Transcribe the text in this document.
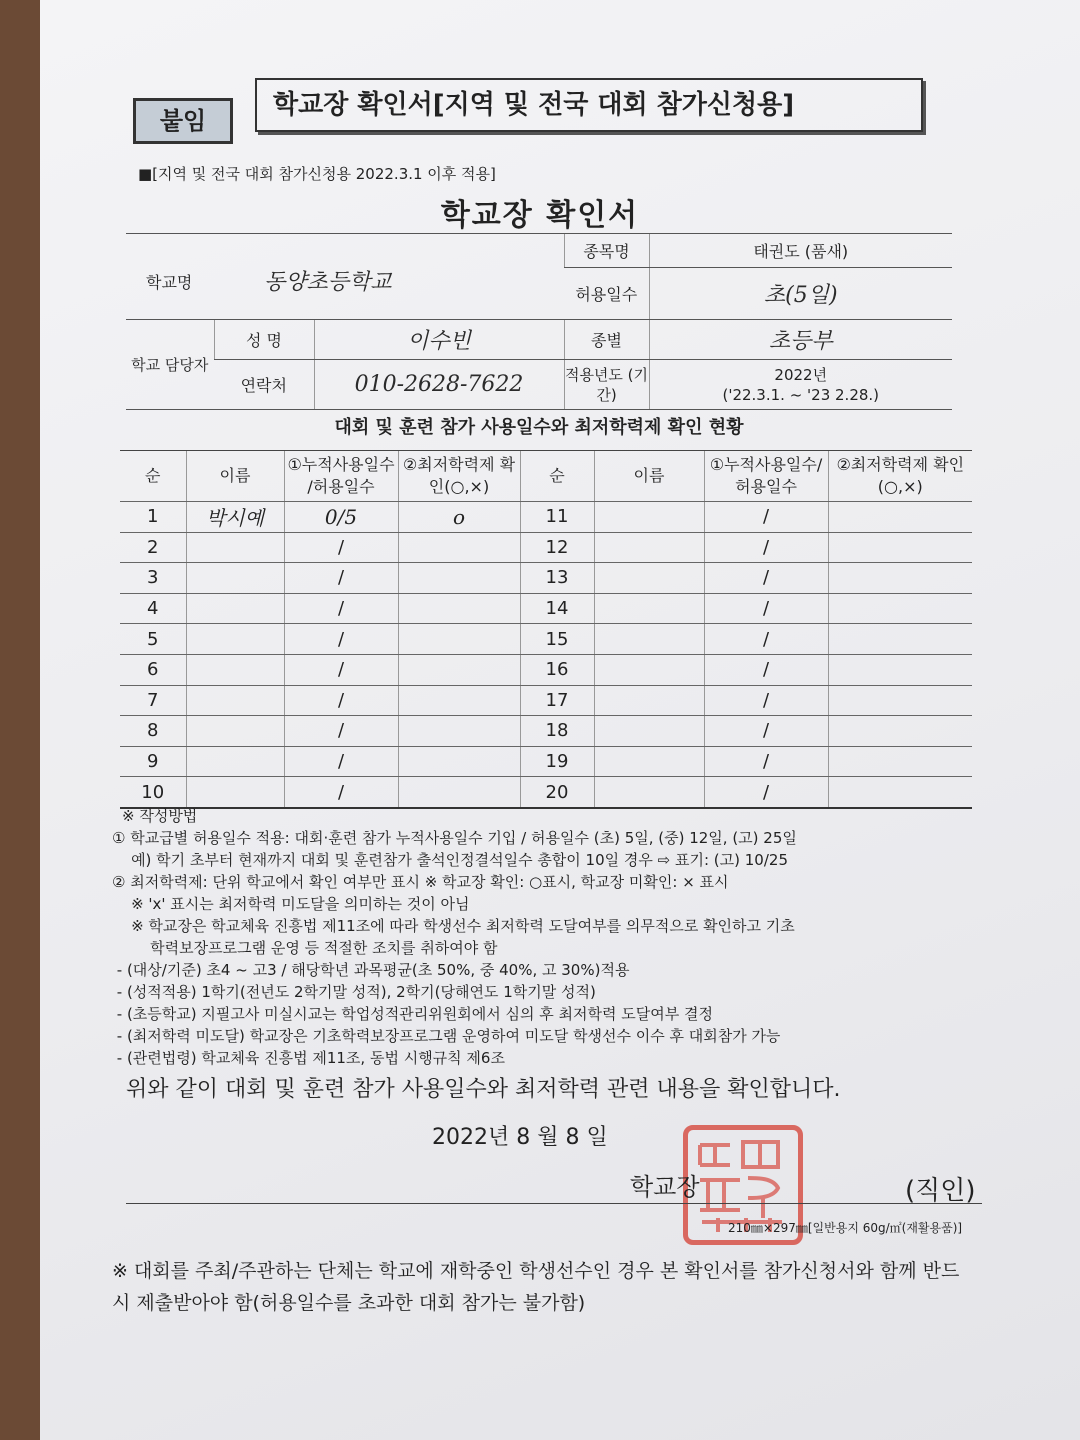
붙임
학교장 확인서[지역 및 전국 대회 참가신청용]
■[지역 및 전국 대회 참가신청용 2022.3.1 이후 적용]
학교장 확인서
학교명 동양초등학교			종목명	태권도 (품새)
			허용일수	초(5일)
학교 담당자	성 명	이수빈	종별	초등부
	연락처	010-2628-7622	적용년도 (기간)	2022년
('22.3.1. ~ '23 2.28.)
대회 및 훈련 참가 사용일수와 최저학력제 확인 현황
순	이름	①누적사용일수 /허용일수	②최저학력제 확인(○,×)	순	이름	①누적사용일수/ 허용일수	②최저학력제 확인(○,×)
1	박시예	0/5	o	11		/	
2		/		12		/	
3		/		13		/	
4		/		14		/	
5		/		15		/	
6		/		16		/	
7		/		17		/	
8		/		18		/	
9		/		19		/	
10		/		20		/	
※ 작성방법
① 학교급별 허용일수 적용: 대회·훈련 참가 누적사용일수 기입 / 허용일수 (초) 5일, (중) 12일, (고) 25일
예) 학기 초부터 현재까지 대회 및 훈련참가 출석인정결석일수 총합이 10일 경우 ⇨ 표기: (고) 10/25
② 최저학력제: 단위 학교에서 확인 여부만 표시 ※ 학교장 확인: ○표시, 학교장 미확인: × 표시
※ 'x' 표시는 최저학력 미도달을 의미하는 것이 아님
※ 학교장은 학교체육 진흥법 제11조에 따라 학생선수 최저학력 도달여부를 의무적으로 확인하고 기초
학력보장프로그램 운영 등 적절한 조치를 취하여야 함
- (대상/기준) 초4 ~ 고3 / 해당학년 과목평균(초 50%, 중 40%, 고 30%)적용
- (성적적용) 1학기(전년도 2학기말 성적), 2학기(당해연도 1학기말 성적)
- (초등학교) 지필고사 미실시교는 학업성적관리위원회에서 심의 후 최저학력 도달여부 결정
- (최저학력 미도달) 학교장은 기초학력보장프로그램 운영하여 미도달 학생선수 이수 후 대회참가 가능
- (관련법령) 학교체육 진흥법 제11조, 동법 시행규칙 제6조
위와 같이 대회 및 훈련 참가 사용일수와 최저학력 관련 내용을 확인합니다.
2022년 8 월 8 일
학교장	(직인)
210㎜×297㎜[일반용지 60g/㎡(재활용품)]
※ 대회를 주최/주관하는 단체는 학교에 재학중인 학생선수인 경우 본 확인서를 참가신청서와 함께 반드시 제출받아야 함(허용일수를 초과한 대회 참가는 불가함)
